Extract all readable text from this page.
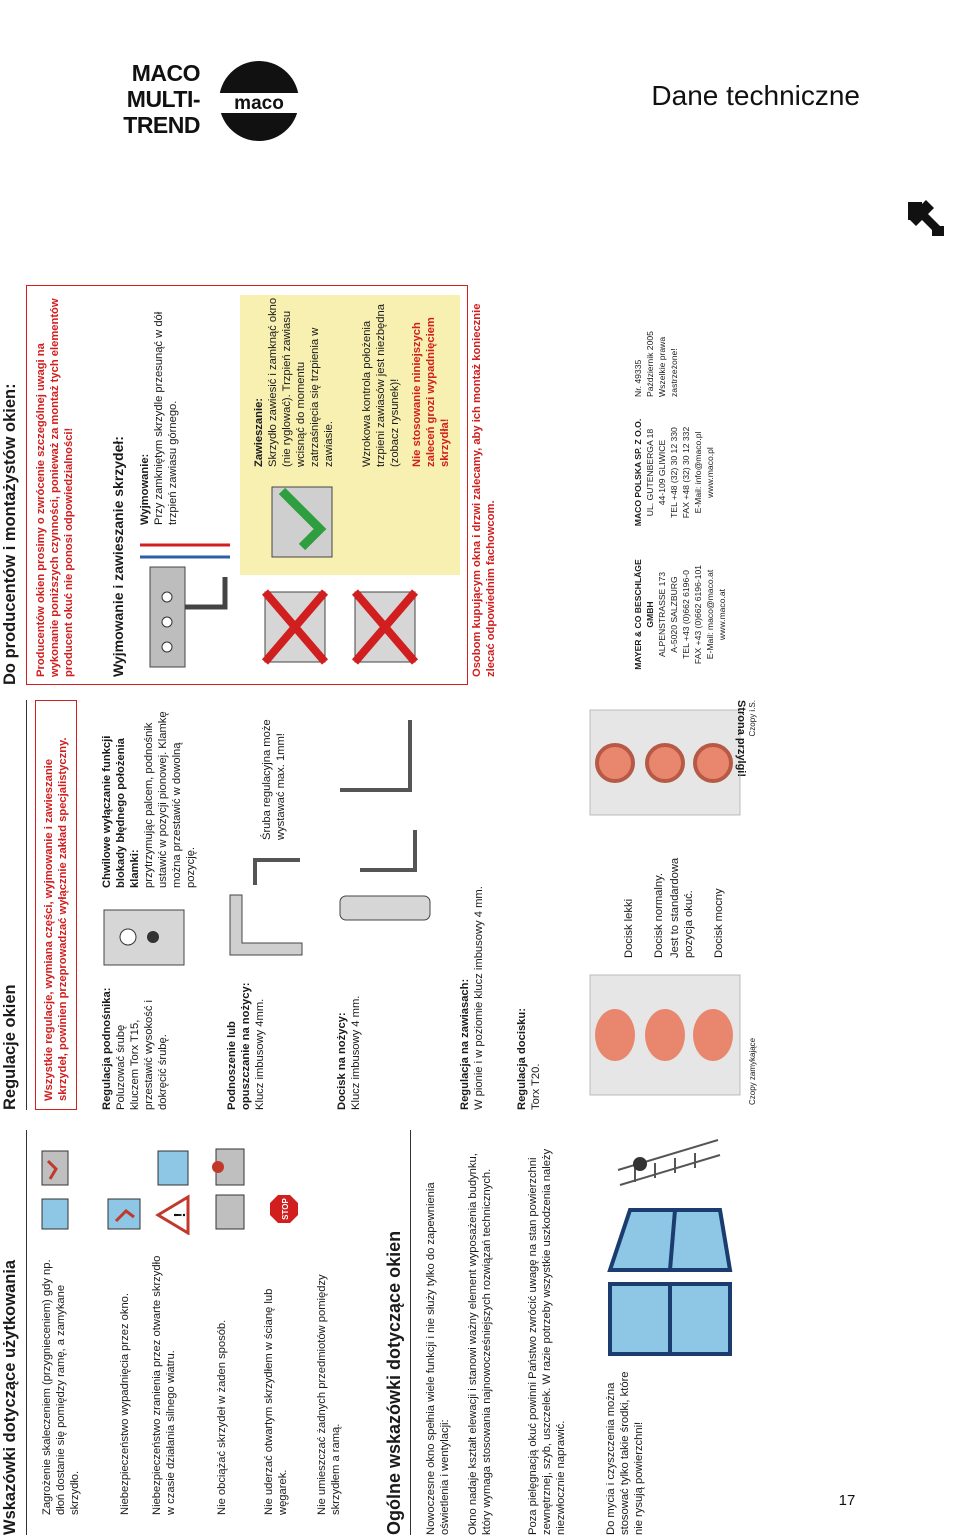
MACO
MULTI-TREND
maco	Dane techniczne
17
Wskazówki dotyczące użytkowania Zagrożenie skaleczeniem (przygnieceniem) gdy np. dłoń dostanie się pomiędzy ramę, a zamykane skrzydło.	Niebezpieczeństwo wypadnięcia przez okno. Niebezpieczeństwo zranienia przez otwarte skrzydło w czasie działania silnego wiatru.	Nie obciążać skrzydeł w żaden sposób.	Nie uderzać otwartym skrzydłem w ścianę lub węgarek. Nie umieszczać żadnych przedmiotów pomiędzy skrzydłem a ramą.
!	STOP
Ogólne wskazówki dotyczące okien Nowoczesne okno spełnia wiele funkcji i nie służy tylko do zapewnienia oświetlenia i wentylacji: Okno nadaje kształt elewacji i stanowi ważny element wyposażenia budynku, który wymaga stosowania najnowocześniejszych rozwiązań technicznych.	Poza pielęgnacją okuć powinni Państwo zwrócić uwagę na stan powierzchni zewnętrznej, szyb, uszczelek. W razie potrzeby wszystkie uszkodzenia należy niezwłocznie naprawić.	Do mycia i czyszczenia można stosować tylko takie środki, które nie rysują powierzchni!
Regulacje okien	Wszystkie regulacje, wymiana części, wyjmowanie i zawieszanie skrzydeł, powinien przeprowadzać wyłącznie zakład specjalistyczny.	Regulacja podnośnika: Poluzować śrubę kluczem Torx T15, przestawić wysokość i dokręcić śrubę.
Chwilowe wyłączanie funkcji blokady błędnego położenia klamki: przytrzymując palcem, podnośnik ustawić w pozycji pionowej. Klamkę można przestawić w dowolną pozycję.
Podnoszenie lub opuszczanie na nożycy: Klucz imbusowy 4mm.
Śruba regulacyjna może wystawać max. 1mm!
Docisk na nożycy: Klucz imbusowy 4 mm.	Regulacja na zawiasach: W pionie i w poziomie klucz imbusowy 4 mm.	Regulacja docisku: Torx T20.	Czopy zamykające
Czopy i.S.
Docisk lekki Docisk normalny. Jest to standardowa pozycja okuć. Docisk mocny
Strona przylgi!
Do producentów i montażystów okien: Producentów okien prosimy o zwrócenie szczególnej uwagi na wykonanie poniższych czynności, ponieważ za montaż tych elementów producent okuć nie ponosi odpowiedzialności!	Wyjmowanie i zawieszanie skrzydeł: Wyjmowanie: Przy zamkniętym skrzydle przesunąć w dół trzpień zawiasu górnego.	Zawieszanie: Skrzydło zawiesić i zamknąć okno (nie ryglować). Trzpień zawiasu wcisnąć do momentu zatrzaśnięcia się trzpienia w zawiasie. Wzrokowa kontrola położenia trzpieni zawiasów jest niezbędna (zobacz rysunek)! Nie stosowanie niniejszych zaleceń grozi wypadnięciem skrzydła! Osobom kupującym okna i drzwi zalecamy, aby ich montaż koniecznie zlecać odpowiednim fachowcom.	MAYER & CO BESCHLÄGE GMBH ALPENSTRASSE 173 A-5020 SALZBURG TEL +43 (0)662 6196-0 FAX +43 (0)662 6196-101 E-Mail: maco@maco.at www.maco.at
MACO POLSKA SP. Z O.O. UL. GUTENBERGA 18 44-109 GLIWICE TEL +48 (32) 30 12 330 FAX +48 (32) 30 12 332 E-Mail: info@maco.pl www.maco.pl
Nr. 49335 Październik 2005 Wszelkie prawa zastrzeżone!
